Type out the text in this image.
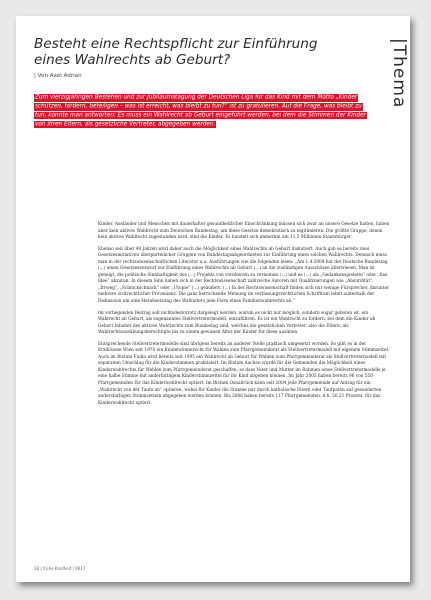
Besteht eine Rechtspflicht zur Einführung eines Wahlrechts ab Geburt?
| Von Axel Adrian	|Thema

Zum vierzigjährigen Bestehen und zur Jubiläumstagung der Deutschen Liga für das Kind mit dem Motto „Kinder schützen, fördern, beteiligen – was ist erreicht, was bleibt zu tun?“ ist zu gratulieren. Auf die Frage, was bleibt zu tun, könnte man antworten: Es muss ein Wahlrecht ab Geburt eingeführt werden, bei dem die Stimmen der Kinder von ihren Eltern, als gesetzliche Vertreter, abgegeben werden.

Kinder, Ausländer und Menschen mit dauerhafter gesundheitlicher Einschränkung müssen sich zwar an unsere Gesetze halten, haben aber kein aktives Wahlrecht zum Deutschen Bundestag, um diese Gesetze demokratisch zu legitimieren. Die größte Gruppe, denen kein aktives Wahlrecht zugestanden wird, sind die Kinder. Es handelt sich immerhin um 11,5 Millionen Staatsbürger.

Ebenso seit über 40 Jahren wird daher auch die Möglichkeit eines Wahlrechts ab Geburt diskutiert. Auch gab es bereits zwei Gesetzesinitiativen überparteilicher Gruppen von Bundestagsabgeordneten zur Einführung eines solchen Wahlrechts. Dennoch muss man in der rechtswissenschaftlichen Literatur u.a. Ausführungen wie die folgenden lesen: „Am 1.4.2004 hat der Deutsche Bundestag (...) einen Gesetzesentwurf zur Einführung eines Wahlrechts ab Geburt (...) an die zuständigen Ausschüsse überwiesen. Man ist geneigt, die politische Sinnhaftigkeit des (...) Projekts von vornherein zu verneinen (...) und es (...) als „Gedankenspielerei“ oder „fixe Idee“ abzutun. In diesem Sinn haben sich in der Rechtswissenschaft zahlreiche Autoren mit Qualifizierungen wie „Absurdität“, „Irrweg“, „Schnickschnack“ oder „Utopie“ (...) geäußert. (...) In der Rechtswissenschaft finden sich nur wenige Fürsprecher, darunter mehrere zivilrechtlicher Provenienz. Die ganz herrschende Meinung im verfassungsrechtlichen Schrifttum lehnt außerhalb der Diskussion um eine Herabsetzung des Wahlalters jede Form eines Familienwahlrechts ab.“

Im vorliegenden Beitrag soll nichtsdestotrotz dargelegt werden, warum es nicht nur möglich, sondern sogar geboten ist, ein Wahlrecht ab Geburt, als sogenanntes Stellvertretermodell, einzuführen. Es ist ein Wahlrecht zu fordern, bei dem die Kinder ab Geburt Inhaber des aktiven Wahlrechts zum Bundestag sind, welches die gesetzlichen Vertreter, also die Eltern, als Wahlrechtsausübungsberechtigte bis zu einem gewissen Alter der Kinder für diese ausüben.

Entsprechende Stellvertretermodelle sind übrigens bereits an anderer Stelle praktisch umgesetzt worden. So gibt es in der Erzdiözese Wien seit 1970 ein Kinderstimmrecht für Wahlen zum Pfarrgemeinderat als Stellvertretermodell mit eigenem Stimmzettel. Auch im Bistum Fulda wird bereits seit 1995 ein Wahlrecht ab Geburt für Wahlen zum Pfarrgemeinderat als Stellvertretermodell mit separatem Umschlag für die Kinderstimmen praktiziert. Im Bistum Aachen wurde für die Gemeinden die Möglichkeit eines Kinderwahlrechts für Wahlen zum Pfarrgemeinderat geschaffen, so dass Vater und Mutter im Rahmen eines Stellvertretermodells je eine halbe Stimme mit anderfarbigem Kinderstimmzettel für ihr Kind abgeben können. Im Jahr 2005 haben bereits 96 von 550 Pfarrgemeinden für das Kinderwahlrecht optiert. Im Bistum Osnabrück kann seit 2004 jede Pfarrgemeinde auf Antrag für ein „Wahlrecht von der Taufe an“ optieren, wobei für Kinder die Stimme nur durch katholische Eltern oder Taufpaten auf gesonderten andersfarbigen Stimmzetteln abgegeben werden können. Bis 2006 haben bereits 117 Pfarrgemeinden, d.h. 50,21 Prozent, für das Kinderwahlrecht optiert.

28 | frühe Kindheit | 0617
